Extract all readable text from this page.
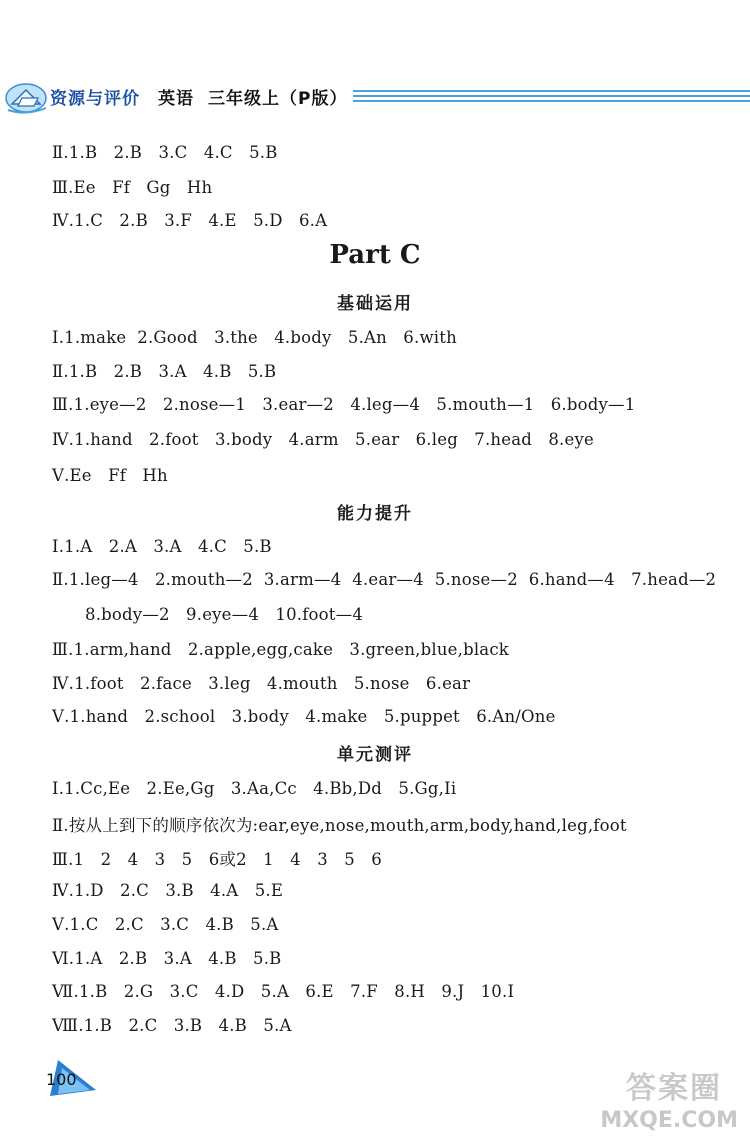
资源与评价 英语 三年级上（P版）
Ⅱ.1.B   2.B   3.C   4.C   5.B
Ⅲ.Ee   Ff   Gg   Hh
Ⅳ.1.C   2.B   3.F   4.E   5.D   6.A
Part C
基础运用
Ⅰ.1.make  2.Good   3.the   4.body   5.An   6.with
Ⅱ.1.B   2.B   3.A   4.B   5.B
Ⅲ.1.eye—2   2.nose—1   3.ear—2   4.leg—4   5.mouth—1   6.body—1
Ⅳ.1.hand   2.foot   3.body   4.arm   5.ear   6.leg   7.head   8.eye
Ⅴ.Ee   Ff   Hh
能力提升
Ⅰ.1.A   2.A   3.A   4.C   5.B
Ⅱ.1.leg—4   2.mouth—2  3.arm—4  4.ear—4  5.nose—2  6.hand—4   7.head—2
8.body—2   9.eye—4   10.foot—4
Ⅲ.1.arm,hand   2.apple,egg,cake   3.green,blue,black
Ⅳ.1.foot   2.face   3.leg   4.mouth   5.nose   6.ear
Ⅴ.1.hand   2.school   3.body   4.make   5.puppet   6.An/One
单元测评
Ⅰ.1.Cc,Ee   2.Ee,Gg   3.Aa,Cc   4.Bb,Dd   5.Gg,Ii
Ⅱ.按从上到下的顺序依次为:ear,eye,nose,mouth,arm,body,hand,leg,foot
Ⅲ.1   2   4   3   5   6或2   1   4   3   5   6
Ⅳ.1.D   2.C   3.B   4.A   5.E
Ⅴ.1.C   2.C   3.C   4.B   5.A
Ⅵ.1.A   2.B   3.A   4.B   5.B
Ⅶ.1.B   2.G   3.C   4.D   5.A   6.E   7.F   8.H   9.J   10.I
Ⅷ.1.B   2.C   3.B   4.B   5.A
100	答案圈
MXQE.COM
